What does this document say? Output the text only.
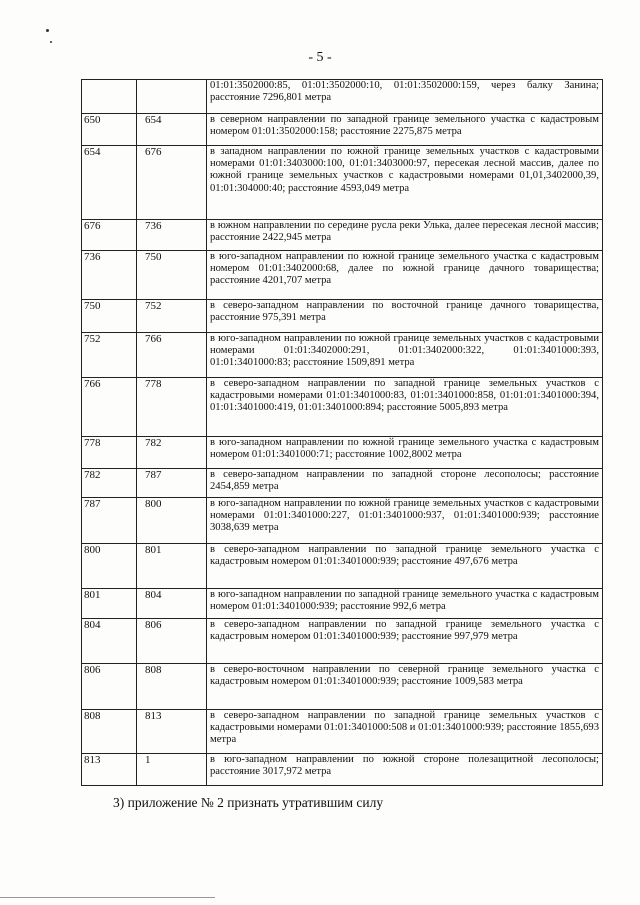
- 5 -
		01:01:3502000:85, 01:01:3502000:10, 01:01:3502000:159, через балку Занина; расстояние 7296,801 метра
650	654	в северном направлении по западной границе земельного участка с кадастровым номером 01:01:3502000:158; расстояние 2275,875 метра
654	676	в западном направлении по южной границе земельных участков с кадастровыми номерами 01:01:3403000:100, 01:01:3403000:97, пересекая лесной массив, далее по южной границе земельных участков с кадастровыми номерами 01,01,3402000,39, 01:01:304000:40; расстояние 4593,049 метра
676	736	в южном направлении по середине русла реки Улька, далее пересекая лесной массив; расстояние 2422,945 метра
736	750	в юго-западном направлении по южной границе земельного участка с кадастровым номером 01:01:3402000:68, далее по южной границе дачного товарищества; расстояние 4201,707 метра
750	752	в северо-западном направлении по восточной границе дачного товарищества, расстояние 975,391 метра
752	766	в юго-западном направлении по южной границе земельных участков с кадастровыми номерами 01:01:3402000:291, 01:01:3402000:322, 01:01:3401000:393, 01:01:3401000:83; расстояние 1509,891 метра
766	778	в северо-западном направлении по западной границе земельных участков с кадастровыми номерами 01:01:3401000:83, 01:01:3401000:858, 01:01:01:3401000:394, 01:01:3401000:419, 01:01:3401000:894; расстояние 5005,893 метра
778	782	в юго-западном направлении по южной границе земельного участка с кадастровым номером 01:01:3401000:71; расстояние 1002,8002 метра
782	787	в северо-западном направлении по западной стороне лесополосы; расстояние 2454,859 метра
787	800	в юго-западном направлении по южной границе земельных участков с кадастровыми номерами 01:01:3401000:227, 01:01:3401000:937, 01:01:3401000:939; расстояние 3038,639 метра
800	801	в северо-западном направлении по западной границе земельного участка с кадастровым номером 01:01:3401000:939; расстояние 497,676 метра
801	804	в юго-западном направлении по западной границе земельного участка с кадастровым номером 01:01:3401000:939; расстояние 992,6 метра
804	806	в северо-западном направлении по западной границе земельного участка с кадастровым номером 01:01:3401000:939; расстояние 997,979 метра
806	808	в северо-восточном направлении по северной границе земельного участка с кадастровым номером 01:01:3401000:939; расстояние 1009,583 метра
808	813	в северо-западном направлении по западной границе земельных участков с кадастровыми номерами 01:01:3401000:508 и 01:01:3401000:939; расстояние 1855,693 метра
813	1	в юго-западном направлении по южной стороне полезащитной лесополосы; расстояние 3017,972 метра
3) приложение № 2 признать утратившим силу
